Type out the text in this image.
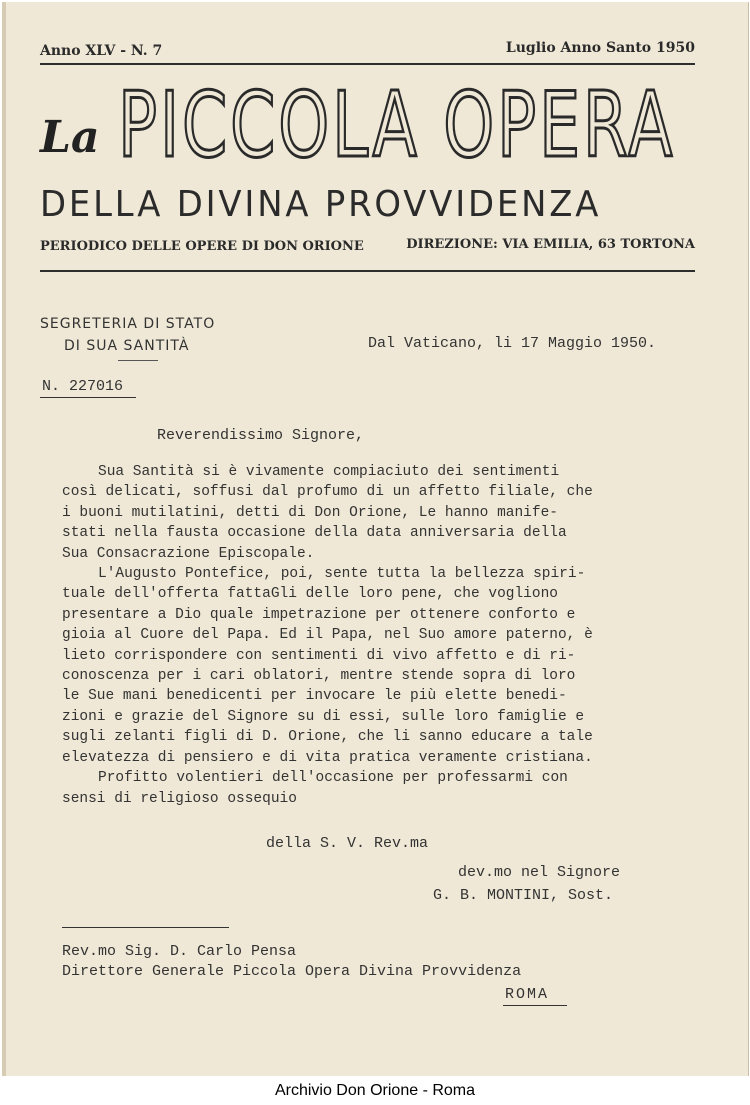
Anno XLV - N. 7	Luglio Anno Santo 1950
La PICCOLA OPERA
DELLA DIVINA PROVVIDENZA
PERIODICO DELLE OPERE DI DON ORIONE	DIREZIONE: VIA EMILIA, 63 TORTONA
SEGRETERIA DI STATO
DI SUA SANTITÀ	Dal Vaticano, li 17 Maggio 1950.
N. 227016
Reverendissimo Signore,

Sua Santità si è vivamente compiaciuto dei sentimenti
così delicati, soffusi dal profumo di un affetto filiale, che
i buoni mutilatini, detti di Don Orione, Le hanno manife-
stati nella fausta occasione della data anniversaria della
Sua Consacrazione Episcopale.

L'Augusto Pontefice, poi, sente tutta la bellezza spiri-
tuale dell'offerta fattaGli delle loro pene, che vogliono
presentare a Dio quale impetrazione per ottenere conforto e
gioia al Cuore del Papa. Ed il Papa, nel Suo amore paterno, è
lieto corrispondere con sentimenti di vivo affetto e di ri-
conoscenza per i cari oblatori, mentre stende sopra di loro
le Sue mani benedicenti per invocare le più elette benedi-
zioni e grazie del Signore su di essi, sulle loro famiglie e
sugli zelanti figli di D. Orione, che li sanno educare a tale
elevatezza di pensiero e di vita pratica veramente cristiana.

Profitto volentieri dell'occasione per professarmi con
sensi di religioso ossequio

della S. V. Rev.ma
dev.mo nel Signore
G. B. MONTINI, Sost.
Rev.mo Sig. D. Carlo Pensa
Direttore Generale Piccola Opera Divina Provvidenza
ROMA
Archivio Don Orione - Roma
